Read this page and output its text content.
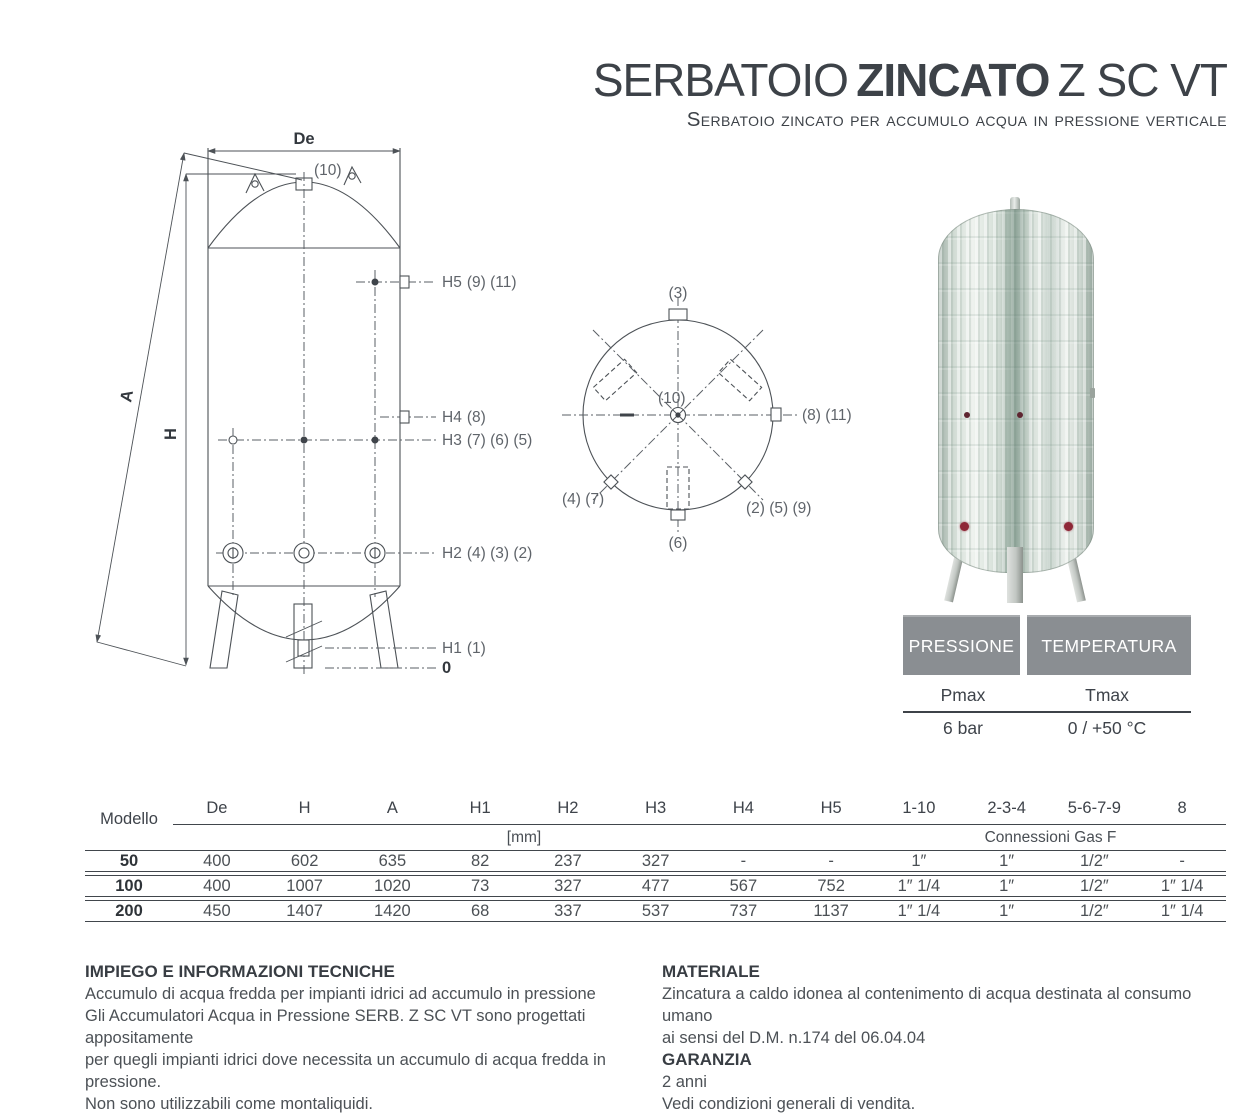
SERBATOIO ZINCATO Z SC VT
Serbatoio zincato per accumulo acqua in pressione verticale
De
(10)
H5 (9) (11)
H4 (8)
H3 (7) (6) (5)
H2 (4) (3) (2)
H1 (1)
0
A
H
(3)
(10)
(8) (11)
(4) (7)
(2) (5) (9)
(6)
PRESSIONE	TEMPERATURA
Pmax	Tmax
6 bar	0 / +50 °C
Modello	De	H	A	H1	H2	H3	H4	H5	1-10	2-3-4	5-6-7-9	8
	[mm]								Connessioni Gas F			
50	400	602	635	82	237	327	-	-	1″	1″	1/2″	-
100	400	1007	1020	73	327	477	567	752	1″ 1/4	1″	1/2″	1″ 1/4
200	450	1407	1420	68	337	537	737	1137	1″ 1/4	1″	1/2″	1″ 1/4
IMPIEGO E INFORMAZIONI TECNICHE
Accumulo di acqua fredda per impianti idrici ad accumulo in pressione
Gli Accumulatori Acqua in Pressione SERB. Z SC VT sono progettati appositamente
per quegli impianti idrici dove necessita un accumulo di acqua fredda in pressione.
Non sono utilizzabili come montaliquidi.
MATERIALE
Zincatura a caldo idonea al contenimento di acqua destinata al consumo umano
ai sensi del D.M. n.174 del 06.04.04
GARANZIA
2 anni
Vedi condizioni generali di vendita.
